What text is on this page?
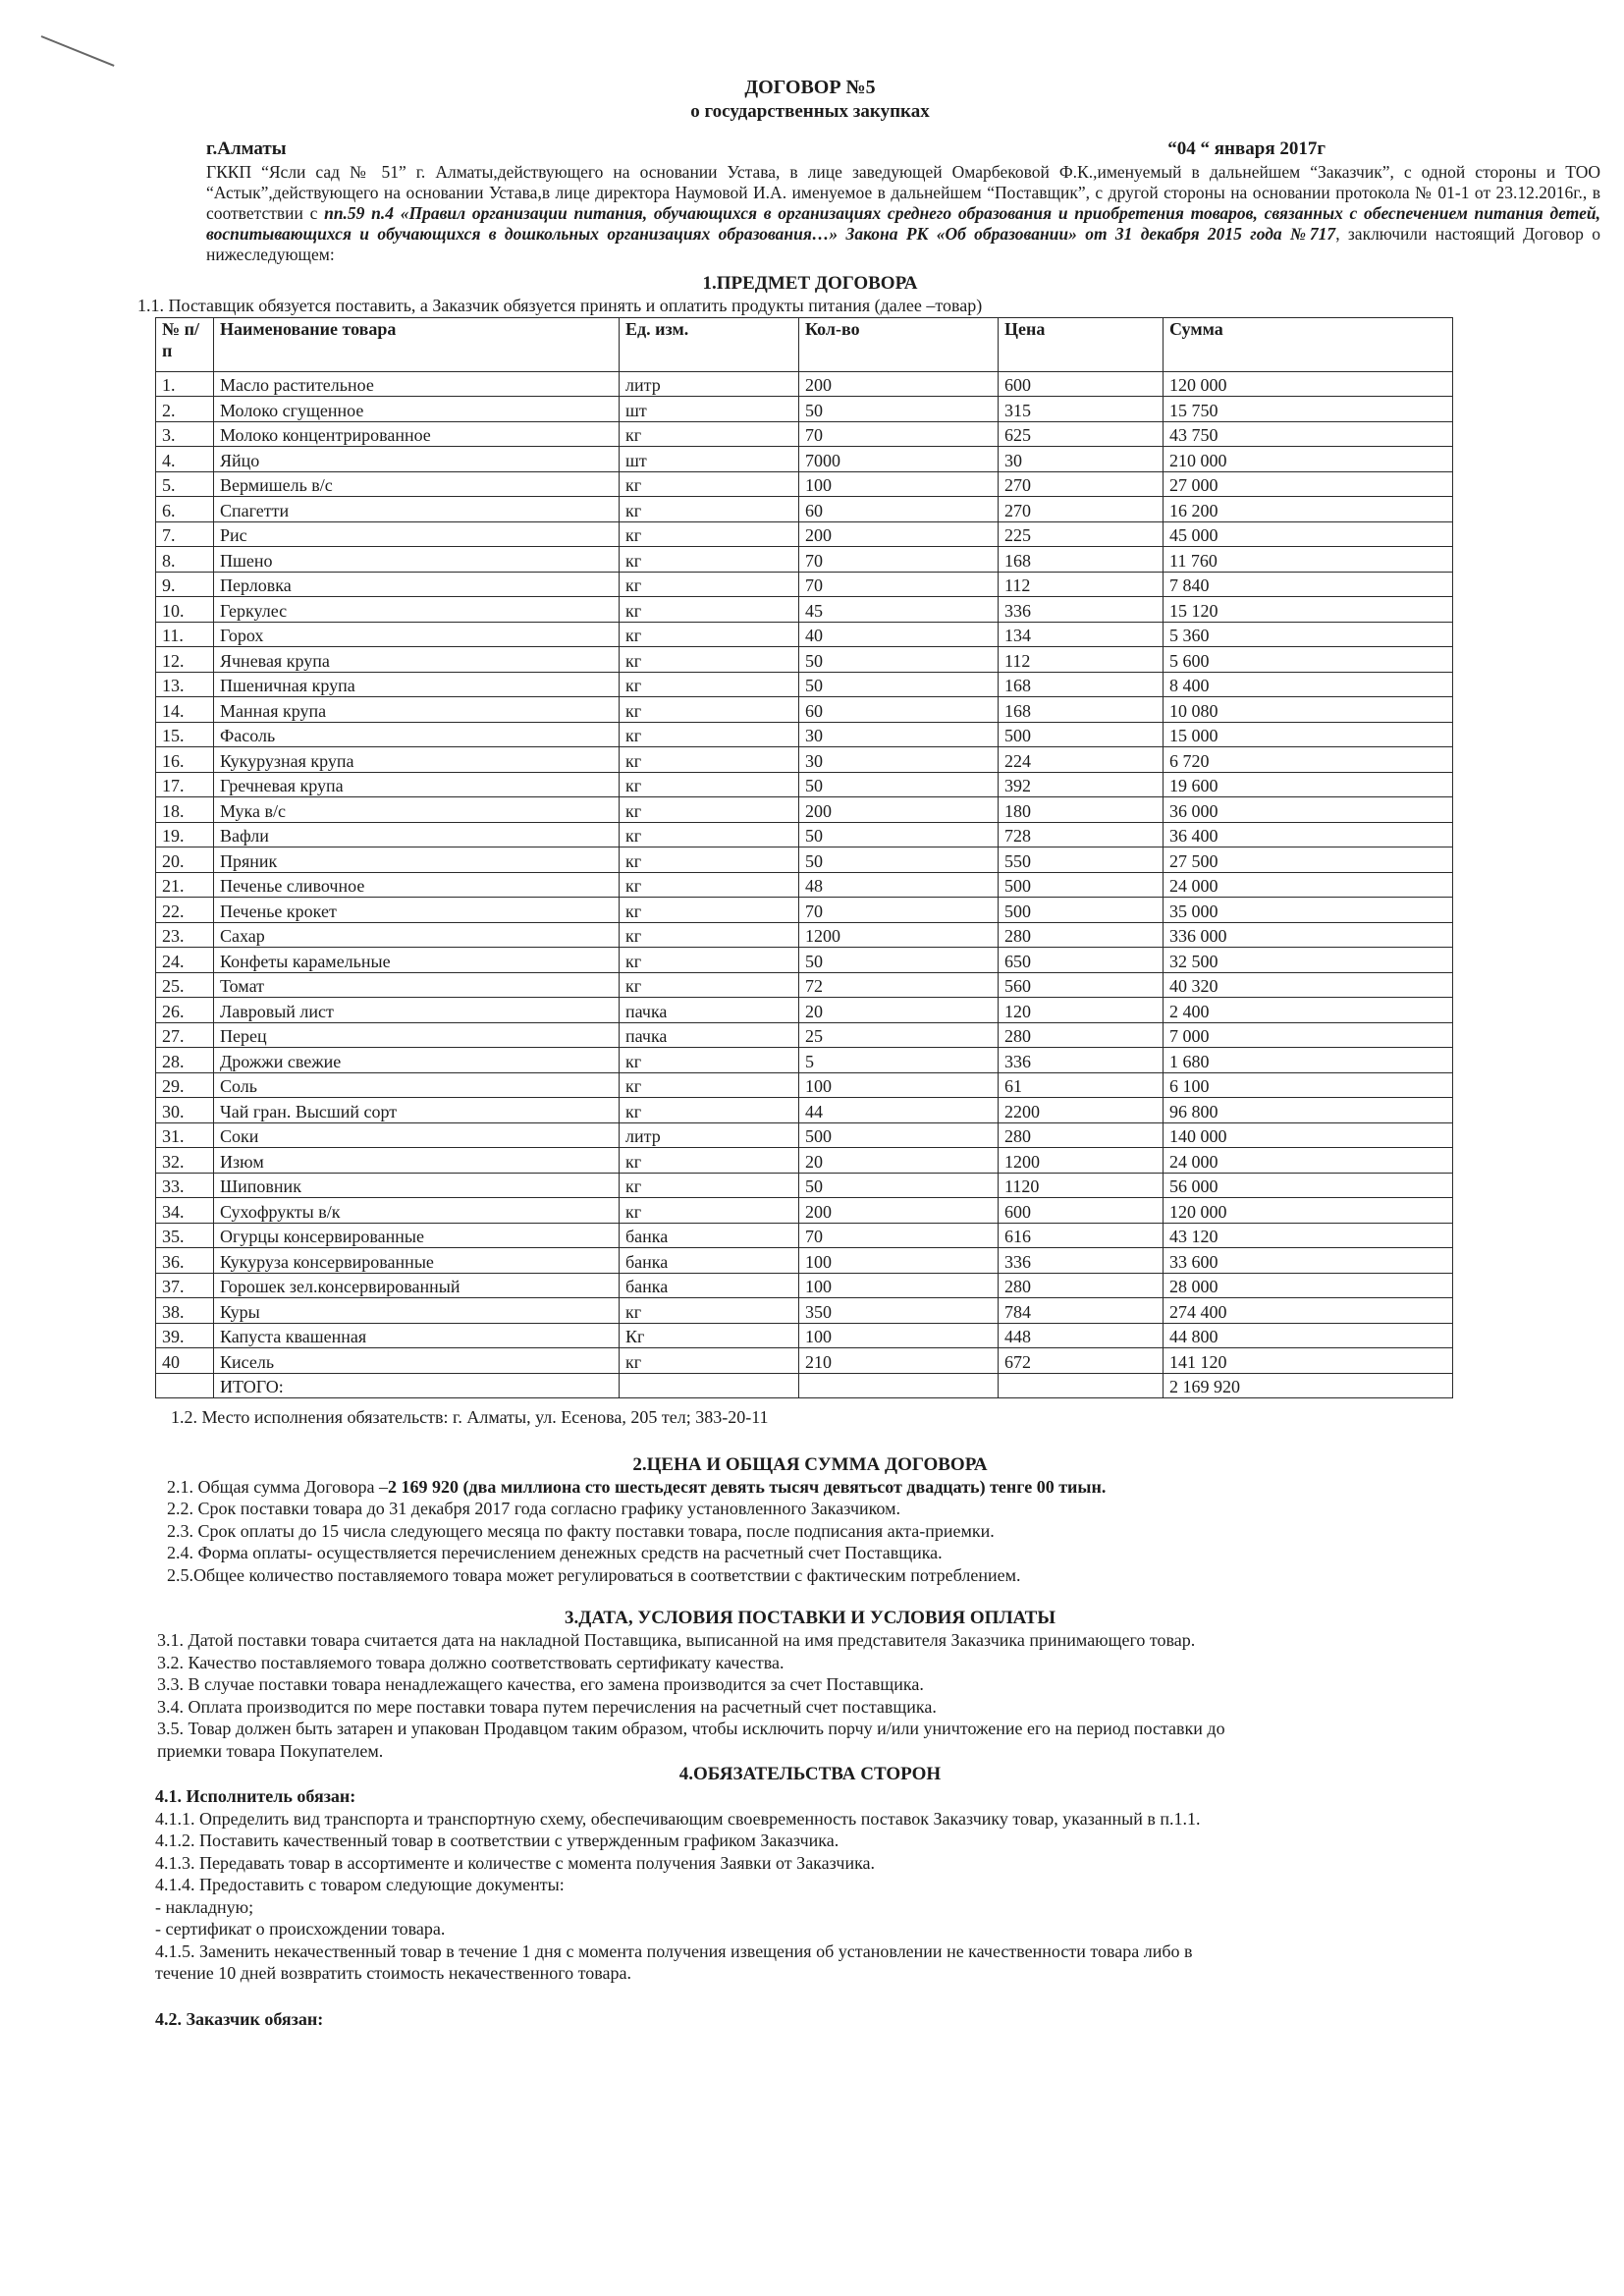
ДОГОВОР №5
о государственных закупках
г.Алматы	“04 “ января 2017г

ГККП “Ясли сад № 51” г. Алматы,действующего на основании Устава, в лице заведующей Омарбековой Ф.К.,именуемый в дальнейшем “Заказчик”, с одной стороны и ТОО “Астык”,действующего на основании Устава,в лице директора Наумовой И.А. именуемое в дальнейшем “Поставщик”, с другой стороны на основании протокола № 01-1 от 23.12.2016г., в соответствии с пп.59 п.4 «Правил организации питания, обучающихся в организациях среднего образования и приобретения товаров, связанных с обеспечением питания детей, воспитывающихся и обучающихся в дошкольных организациях образования…» Закона РК «Об образовании» от 31 декабря 2015 года №717, заключили настоящий Договор о нижеследующем:

1.ПРЕДМЕТ ДОГОВОРА
1.1. Поставщик обязуется поставить, а Заказчик обязуется принять и оплатить продукты питания (далее –товар)
№ п/п	Наименование товара	Ед. изм.	Кол-во	Цена	Сумма
1.	Масло растительное	литр	200	600	120 000
2.	Молоко сгущенное	шт	50	315	15 750
3.	Молоко концентрированное	кг	70	625	43 750
4.	Яйцо	шт	7000	30	210 000
5.	Вермишель в/с	кг	100	270	27 000
6.	Спагетти	кг	60	270	16 200
7.	Рис	кг	200	225	45 000
8.	Пшено	кг	70	168	11 760
9.	Перловка	кг	70	112	7 840
10.	Геркулес	кг	45	336	15 120
11.	Горох	кг	40	134	5 360
12.	Ячневая крупа	кг	50	112	5 600
13.	Пшеничная крупа	кг	50	168	8 400
14.	Манная крупа	кг	60	168	10 080
15.	Фасоль	кг	30	500	15 000
16.	Кукурузная крупа	кг	30	224	6 720
17.	Гречневая крупа	кг	50	392	19 600
18.	Мука в/с	кг	200	180	36 000
19.	Вафли	кг	50	728	36 400
20.	Пряник	кг	50	550	27 500
21.	Печенье сливочное	кг	48	500	24 000
22.	Печенье крокет	кг	70	500	35 000
23.	Сахар	кг	1200	280	336 000
24.	Конфеты карамельные	кг	50	650	32 500
25.	Томат	кг	72	560	40 320
26.	Лавровый лист	пачка	20	120	2 400
27.	Перец	пачка	25	280	7 000
28.	Дрожжи свежие	кг	5	336	1 680
29.	Соль	кг	100	61	6 100
30.	Чай гран. Высший сорт	кг	44	2200	96 800
31.	Соки	литр	500	280	140 000
32.	Изюм	кг	20	1200	24 000
33.	Шиповник	кг	50	1120	56 000
34.	Сухофрукты в/к	кг	200	600	120 000
35.	Огурцы консервированные	банка	70	616	43 120
36.	Кукуруза консервированные	банка	100	336	33 600
37.	Горошек зел.консервированный	банка	100	280	28 000
38.	Куры	кг	350	784	274 400
39.	Капуста квашенная	Кг	100	448	44 800
40	Кисель	кг	210	672	141 120
	ИТОГО:				2 169 920
1.2. Место исполнения обязательств: г. Алматы, ул. Есенова, 205 тел; 383-20-11
2.ЦЕНА И ОБЩАЯ СУММА ДОГОВОРА
2.1. Общая сумма Договора –2 169 920 (два миллиона сто шестьдесят девять тысяч девятьсот двадцать) тенге 00 тиын.
2.2. Срок поставки товара до 31 декабря 2017 года согласно графику установленного Заказчиком.
2.3. Срок оплаты до 15 числа следующего месяца по факту поставки товара, после подписания акта-приемки.
2.4. Форма оплаты- осуществляется перечислением денежных средств на расчетный счет Поставщика.
2.5.Общее количество поставляемого товара может регулироваться в соответствии с фактическим потреблением.
3.ДАТА, УСЛОВИЯ ПОСТАВКИ И УСЛОВИЯ ОПЛАТЫ
3.1. Датой поставки товара считается дата на накладной Поставщика, выписанной на имя представителя Заказчика принимающего товар.
3.2. Качество поставляемого товара должно соответствовать сертификату качества.
3.3. В случае поставки товара ненадлежащего качества, его замена производится за счет Поставщика.
3.4. Оплата производится по мере поставки товара путем перечисления на расчетный счет поставщика.
3.5. Товар должен быть затарен и упакован Продавцом таким образом, чтобы исключить порчу и/или уничтожение его на период поставки до
приемки товара Покупателем.
4.ОБЯЗАТЕЛЬСТВА СТОРОН
4.1. Исполнитель обязан:
4.1.1. Определить вид транспорта и транспортную схему, обеспечивающим своевременность поставок Заказчику товар, указанный в п.1.1.
4.1.2. Поставить качественный товар в соответствии с утвержденным графиком Заказчика.
4.1.3. Передавать товар в ассортименте и количестве с момента получения Заявки от Заказчика.
4.1.4. Предоставить с товаром следующие документы:
- накладную;
- сертификат о происхождении товара.
4.1.5. Заменить некачественный товар в течение 1 дня с момента получения извещения об установлении не качественности товара либо в
течение 10 дней возвратить стоимость некачественного товара.
4.2. Заказчик обязан:
